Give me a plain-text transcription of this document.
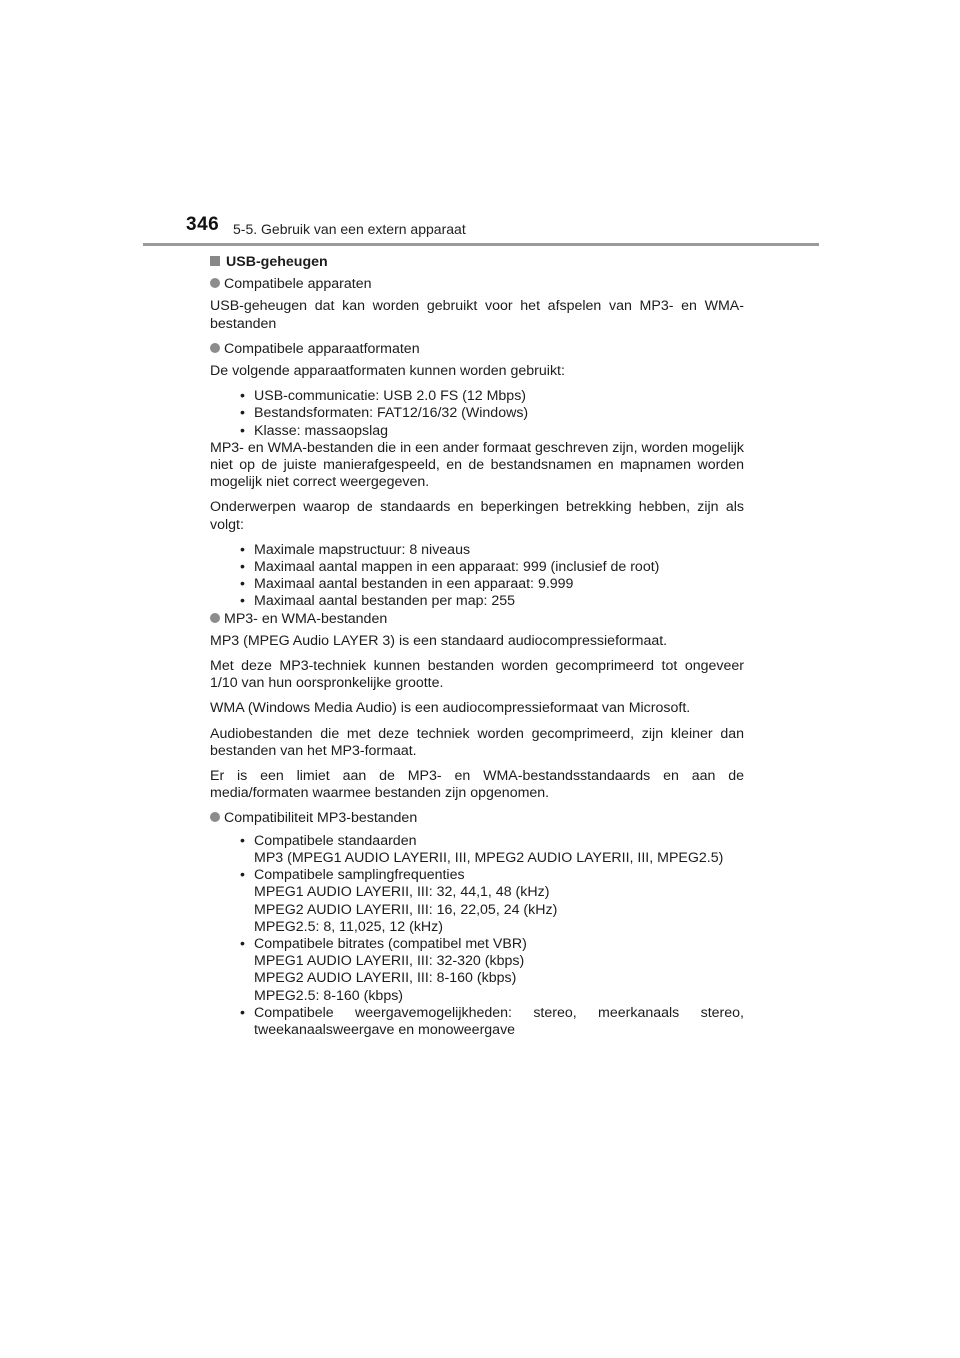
346 5-5. Gebruik van een extern apparaat

USB-geheugen

Compatibele apparaten

USB-geheugen dat kan worden gebruikt voor het afspelen van MP3- en WMA-bestanden

Compatibele apparaatformaten

De volgende apparaatformaten kunnen worden gebruikt:

• USB-communicatie: USB 2.0 FS (12 Mbps)
• Bestandsformaten: FAT12/16/32 (Windows)
• Klasse: massaopslag

MP3- en WMA-bestanden die in een ander formaat geschreven zijn, worden mogelijk niet op de juiste manierafgespeeld, en de bestandsnamen en mapnamen worden mogelijk niet correct weergegeven.

Onderwerpen waarop de standaards en beperkingen betrekking hebben, zijn als volgt:

• Maximale mapstructuur: 8 niveaus
• Maximaal aantal mappen in een apparaat: 999 (inclusief de root)
• Maximaal aantal bestanden in een apparaat: 9.999
• Maximaal aantal bestanden per map: 255

MP3- en WMA-bestanden

MP3 (MPEG Audio LAYER 3) is een standaard audiocompressieformaat.

Met deze MP3-techniek kunnen bestanden worden gecomprimeerd tot ongeveer 1/10 van hun oorspronkelijke grootte.

WMA (Windows Media Audio) is een audiocompressieformaat van Microsoft.

Audiobestanden die met deze techniek worden gecomprimeerd, zijn kleiner dan bestanden van het MP3-formaat.

Er is een limiet aan de MP3- en WMA-bestandsstandaards en aan de media/formaten waarmee bestanden zijn opgenomen.

Compatibiliteit MP3-bestanden

• Compatibele standaarden
MP3 (MPEG1 AUDIO LAYERII, III, MPEG2 AUDIO LAYERII, III, MPEG2.5)
• Compatibele samplingfrequenties
MPEG1 AUDIO LAYERII, III: 32, 44,1, 48 (kHz)
MPEG2 AUDIO LAYERII, III: 16, 22,05, 24 (kHz)
MPEG2.5: 8, 11,025, 12 (kHz)
• Compatibele bitrates (compatibel met VBR)
MPEG1 AUDIO LAYERII, III: 32-320 (kbps)
MPEG2 AUDIO LAYERII, III: 8-160 (kbps)
MPEG2.5: 8-160 (kbps)
• Compatibele weergavemogelijkheden: stereo, meerkanaals stereo, tweekanaalsweergave en monoweergave
